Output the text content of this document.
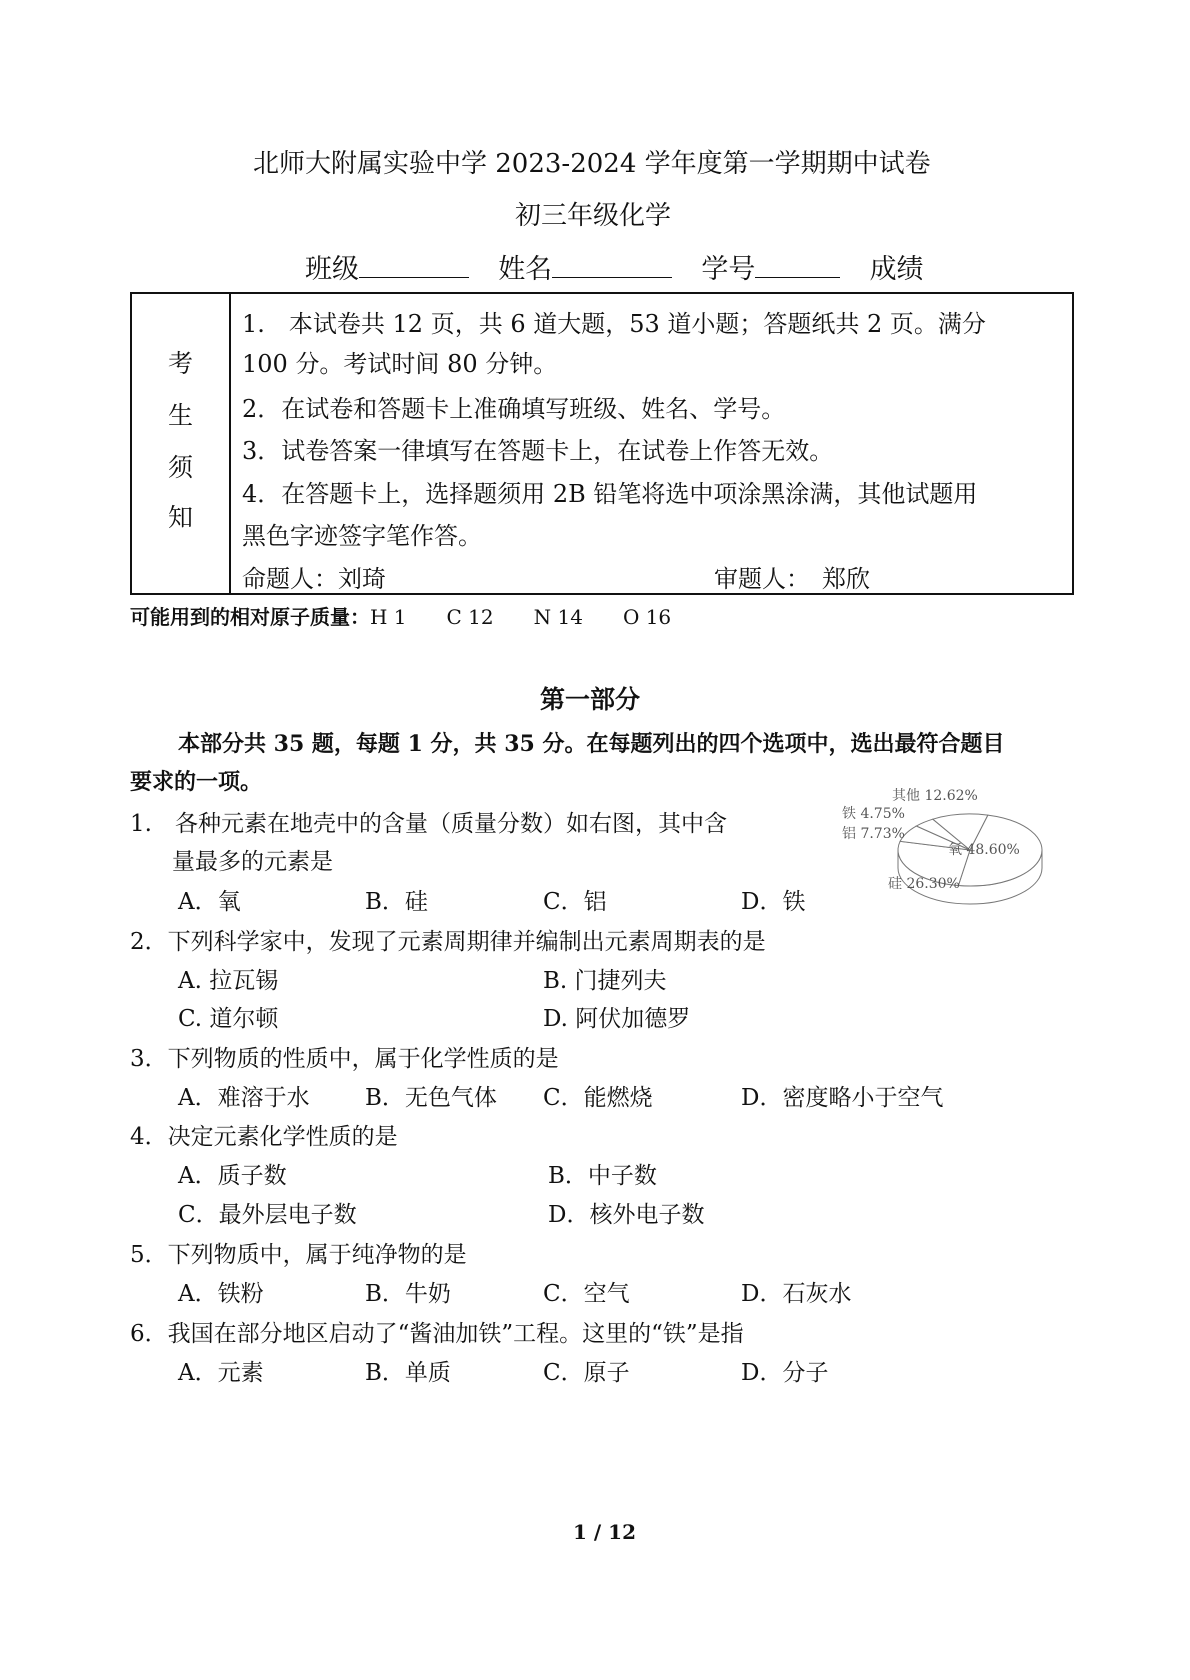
北师大附属实验中学 2023-2024 学年度第一学期期中试卷
初三年级化学
班级	姓名	学号	成绩
考
生
须
知
1.　本试卷共 12 页，共 6 道大题，53 道小题；答题纸共 2 页。满分
100 分。考试时间 80 分钟。
2．在试卷和答题卡上准确填写班级、姓名、学号。
3．试卷答案一律填写在答题卡上，在试卷上作答无效。
4．在答题卡上，选择题须用 2B 铅笔将选中项涂黑涂满，其他试题用
黑色字迹签字笔作答。
命题人：刘琦	审题人：　郑欣
可能用到的相对原子质量：H 1　　C 12　　N 14　　O 16
第一部分
本部分共 35 题，每题 1 分，共 35 分。在每题列出的四个选项中，选出最符合题目
要求的一项。
1.　各种元素在地壳中的含量（质量分数）如右图，其中含
量最多的元素是
A．氧	B．硅	C．铝	D．铁
氧 48.60%
硅 26.30%
铝 7.73%
铁 4.75%
其他 12.62%
2．下列科学家中，发现了元素周期律并编制出元素周期表的是
A. 拉瓦锡	B. 门捷列夫
C. 道尔顿	D. 阿伏加德罗
3．下列物质的性质中，属于化学性质的是
A．难溶于水 B．无色气体 C．能燃烧	D．密度略小于空气
4．决定元素化学性质的是
A．质子数	B．中子数
C．最外层电子数	D．核外电子数
5．下列物质中，属于纯净物的是
A．铁粉	B．牛奶	C．空气	D．石灰水
6．我国在部分地区启动了“酱油加铁”工程。这里的“铁”是指
A．元素	B．单质	C．原子	D．分子
1 / 12
